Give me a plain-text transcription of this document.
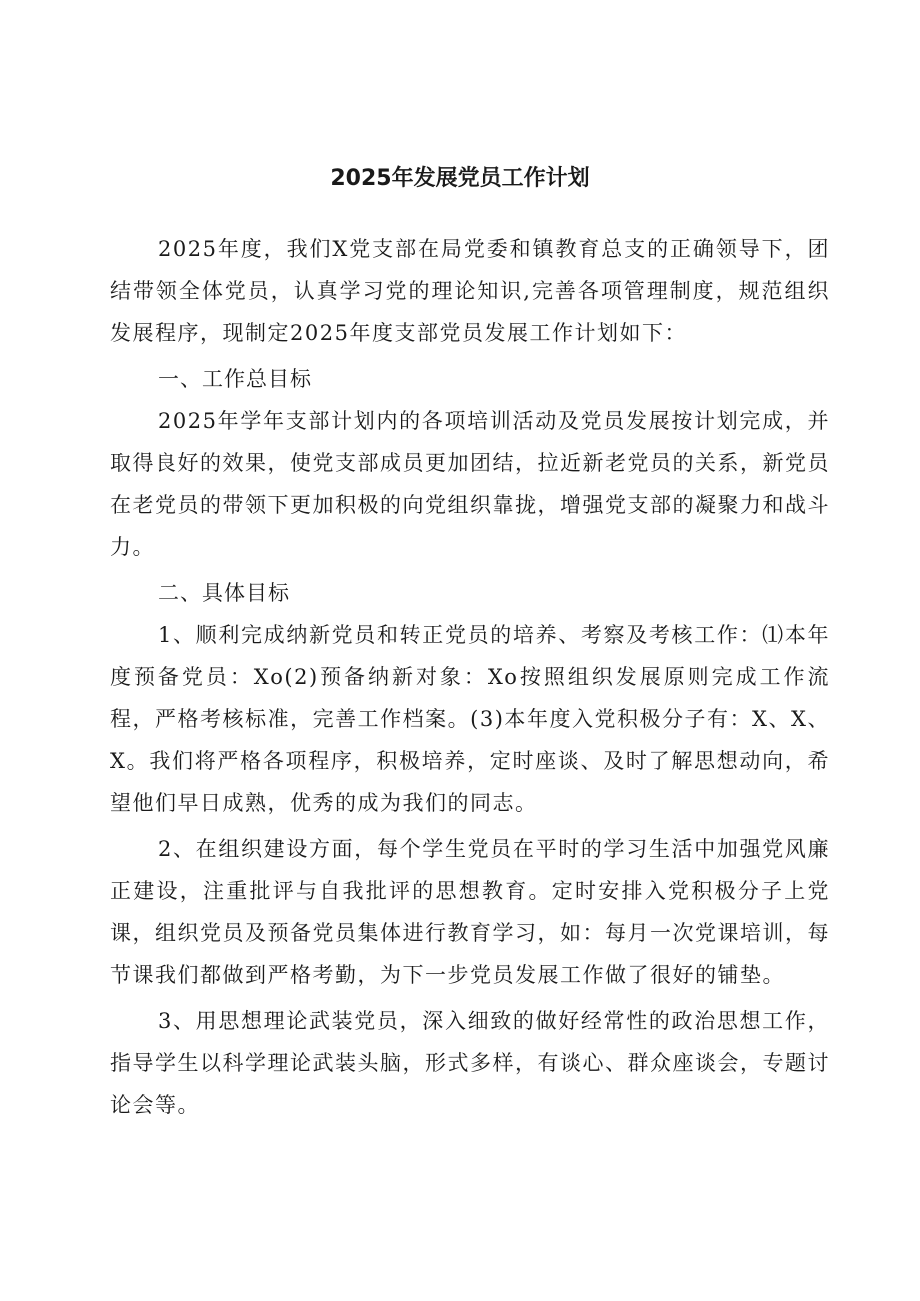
2025年发展党员工作计划

2025年度，我们X党支部在局党委和镇教育总支的正确领导下，团结带领全体党员，认真学习党的理论知识,完善各项管理制度，规范组织发展程序，现制定2025年度支部党员发展工作计划如下：

一、工作总目标

2025年学年支部计划内的各项培训活动及党员发展按计划完成，并取得良好的效果，使党支部成员更加团结，拉近新老党员的关系，新党员在老党员的带领下更加积极的向党组织靠拢，增强党支部的凝聚力和战斗力。

二、具体目标

1、顺利完成纳新党员和转正党员的培养、考察及考核工作：⑴本年度预备党员：Xo(2)预备纳新对象：Xo按照组织发展原则完成工作流程，严格考核标准，完善工作档案。(3)本年度入党积极分子有：X、X、X。我们将严格各项程序，积极培养，定时座谈、及时了解思想动向，希望他们早日成熟，优秀的成为我们的同志。

2、在组织建设方面，每个学生党员在平时的学习生活中加强党风廉正建设，注重批评与自我批评的思想教育。定时安排入党积极分子上党课，组织党员及预备党员集体进行教育学习，如：每月一次党课培训，每节课我们都做到严格考勤，为下一步党员发展工作做了很好的铺垫。

3、用思想理论武装党员，深入细致的做好经常性的政治思想工作，指导学生以科学理论武装头脑，形式多样，有谈心、群众座谈会，专题讨论会等。
